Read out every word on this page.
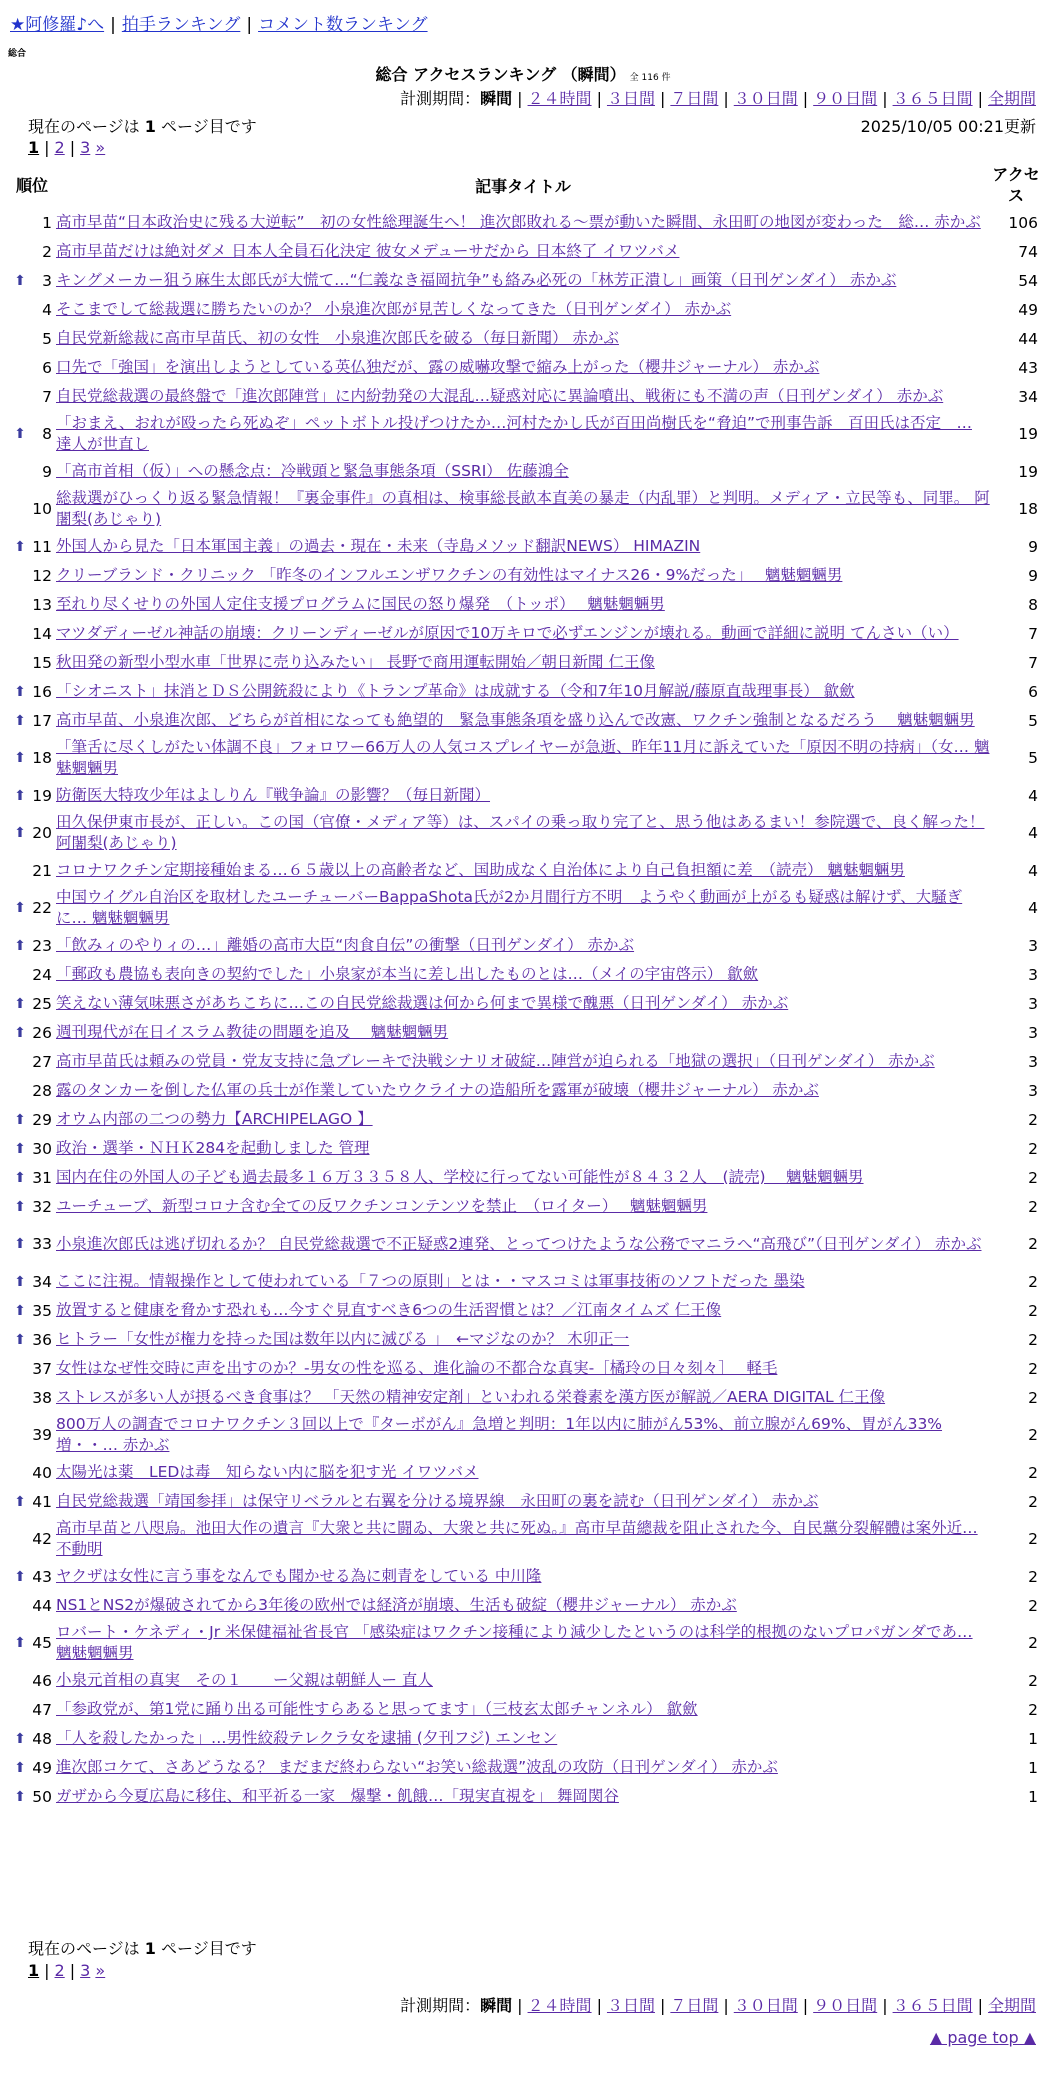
★阿修羅♪へ | 拍手ランキング | コメント数ランキング
総合
総合 アクセスランキング （瞬間） 全 116 件
計測期間：瞬間 | ２４時間 | ３日間 | ７日間 | ３０日間 | ９０日間 | ３６５日間 | 全期間
現在のページは 1 ページ目です	2025/10/05 00:21更新
1 | 2 | 3 »
順位		記事タイトル	アクセス
	1	高市早苗“日本政治史に残る大逆転”　初の女性総理誕生へ！ 進次郎敗れる〜票が動いた瞬間、永田町の地図が変わった　総… 赤かぶ	106
	2	高市早苗だけは絶対ダメ 日本人全員石化決定 彼女メデューサだから 日本終了 イワツバメ	74
⬆	3	キングメーカー狙う麻生太郎氏が大慌て…“仁義なき福岡抗争”も絡み必死の「林芳正潰し」画策（日刊ゲンダイ） 赤かぶ	54
	4	そこまでして総裁選に勝ちたいのか？ 小泉進次郎が見苦しくなってきた（日刊ゲンダイ） 赤かぶ	49
	5	自民党新総裁に高市早苗氏、初の女性　小泉進次郎氏を破る（毎日新聞） 赤かぶ	44
	6	口先で「強国」を演出しようとしている英仏独だが、露の威嚇攻撃で縮み上がった（櫻井ジャーナル） 赤かぶ	43
	7	自民党総裁選の最終盤で「進次郎陣営」に内紛勃発の大混乱…疑惑対応に異論噴出、戦術にも不満の声（日刊ゲンダイ） 赤かぶ	34
⬆	8	「おまえ、おれが殴ったら死ぬぞ」ペットボトル投げつけたか…河村たかし氏が百田尚樹氏を“脅迫”で刑事告訴　百田氏は否定　… 達人が世直し	19
	9	「高市首相（仮）」への懸念点：冷戦頭と緊急事態条項（SSRI） 佐藤鴻全	19
	10	総裁選がひっくり返る緊急情報！『裏金事件』の真相は、検事総長畝本直美の暴走（内乱罪）と判明。メディア・立民等も、同罪。 阿闍梨(あじゃり)	18
⬆	11	外国人から見た「日本軍国主義」の過去・現在・未来（寺島メソッド翻訳NEWS） HIMAZIN	9
	12	クリーブランド・クリニック 「昨冬のインフルエンザワクチンの有効性はマイナス26・9%だった」　 魑魅魍魎男	9
	13	至れり尽くせりの外国人定住支援プログラムに国民の怒り爆発　（トッポ）　 魑魅魍魎男	8
	14	マツダディーゼル神話の崩壊：クリーンディーゼルが原因で10万キロで必ずエンジンが壊れる。動画で詳細に説明 てんさい（い）	7
	15	秋田発の新型小型水車「世界に売り込みたい」 長野で商用運転開始／朝日新聞 仁王像	7
⬆	16	「シオニスト」抹消とＤＳ公開銃殺により《トランプ革命》は成就する（令和7年10月解説/藤原直哉理事長） 歙歛	6
⬆	17	高市早苗、小泉進次郎、どちらが首相になっても絶望的　緊急事態条項を盛り込んで改憲、ワクチン強制となるだろう　 魑魅魍魎男	5
⬆	18	「筆舌に尽くしがたい体調不良」フォロワー66万人の人気コスプレイヤーが急逝、昨年11月に訴えていた「原因不明の持病」（女… 魑魅魍魎男	5
⬆	19	防衛医大特攻少年はよしりん『戦争論』の影響？（毎日新聞）	4
⬆	20	田久保伊東市長が、正しい。この国（官僚・メディア等）は、スパイの乗っ取り完了と、思う他はあるまい！参院選で、良く解った！ 阿闍梨(あじゃり)	4
	21	コロナワクチン定期接種始まる…６５歳以上の高齢者など、国助成なく自治体により自己負担額に差　（読売） 魑魅魍魎男	4
⬆	22	中国ウイグル自治区を取材したユーチューバーBappaShota氏が2か月間行方不明　ようやく動画が上がるも疑惑は解けず、大騒ぎに… 魑魅魍魎男	4
⬆	23	「飲みィのやりィの…」離婚の高市大臣“肉食自伝”の衝撃（日刊ゲンダイ） 赤かぶ	3
	24	「郵政も農協も表向きの契約でした」小泉家が本当に差し出したものとは…（メイの宇宙啓示） 歙歛	3
⬆	25	笑えない薄気味悪さがあちこちに…この自民党総裁選は何から何まで異様で醜悪（日刊ゲンダイ） 赤かぶ	3
⬆	26	週刊現代が在日イスラム教徒の問題を追及　 魑魅魍魎男	3
	27	高市早苗氏は頼みの党員・党友支持に急ブレーキで決戦シナリオ破綻…陣営が迫られる「地獄の選択」（日刊ゲンダイ） 赤かぶ	3
	28	露のタンカーを倒した仏軍の兵士が作業していたウクライナの造船所を露軍が破壊（櫻井ジャーナル） 赤かぶ	3
⬆	29	オウム内部の二つの勢力【ARCHIPELAGO 】	2
⬆	30	政治・選挙・ＮＨＫ284を起動しました 管理	2
⬆	31	国内在住の外国人の子ども過去最多１６万３３５８人、学校に行ってない可能性が８４３２人　(読売)　 魑魅魍魎男	2
⬆	32	ユーチューブ、新型コロナ含む全ての反ワクチンコンテンツを禁止　（ロイター）　 魑魅魍魎男	2
⬆	33	小泉進次郎氏は逃げ切れるか？ 自民党総裁選で不正疑惑2連発、とってつけたような公務でマニラへ“高飛び”（日刊ゲンダイ） 赤かぶ	2
⬆	34	ここに注視。情報操作として使われている「７つの原則」とは・・マスコミは軍事技術のソフトだった 墨染	2
⬆	35	放置すると健康を脅かす恐れも…今すぐ見直すべき6つの生活習慣とは？／江南タイムズ 仁王像	2
⬆	36	ヒトラー「女性が権力を持った国は数年以内に滅びる 」　←マジなのか？ 木卯正一	2
	37	女性はなぜ性交時に声を出すのか？-男女の性を巡る、進化論の不都合な真実-［橘玲の日々刻々］　 軽毛	2
	38	ストレスが多い人が摂るべき食事は？ 「天然の精神安定剤」といわれる栄養素を漢方医が解説／AERA DIGITAL 仁王像	2
	39	800万人の調査でコロナワクチン３回以上で『ターボがん』急増と判明：1年以内に肺がん53%、前立腺がん69%、胃がん33%増・・… 赤かぶ	2
	40	太陽光は薬　LEDは毒　知らない内に脳を犯す光 イワツバメ	2
⬆	41	自民党総裁選「靖国参拝」は保守リベラルと右翼を分ける境界線　永田町の裏を読む（日刊ゲンダイ） 赤かぶ	2
	42	高市早苗と八咫烏。池田大作の遺言『大衆と共に闘ゐ、大衆と共に死ぬ。』高市早苗總裁を阻止された今、自民黨分裂解體は案外近… 不動明	2
⬆	43	ヤクザは女性に言う事をなんでも聞かせる為に刺青をしている 中川隆	2
	44	NS1とNS2が爆破されてから3年後の欧州では経済が崩壊、生活も破綻（櫻井ジャーナル） 赤かぶ	2
⬆	45	ロバート・ケネディ・Jr 米保健福祉省長官 「感染症はワクチン接種により減少したというのは科学的根拠のないプロパガンダであ… 魑魅魍魎男	2
	46	小泉元首相の真実　その１　　ー父親は朝鮮人ー 直人	2
	47	「参政党が、第1党に踊り出る可能性すらあると思ってます」（三枝玄太郎チャンネル） 歙歛	2
⬆	48	「人を殺したかった」…男性絞殺テレクラ女を逮捕 (夕刊フジ) エンセン	1
⬆	49	進次郎コケて、さあどうなる？ まだまだ終わらない“お笑い総裁選”波乱の攻防（日刊ゲンダイ） 赤かぶ	1
⬆	50	ガザから今夏広島に移住、和平祈る一家　爆撃・飢餓…「現実直視を」 舞岡関谷	1
現在のページは 1 ページ目です
1 | 2 | 3 »
計測期間：瞬間 | ２４時間 | ３日間 | ７日間 | ３０日間 | ９０日間 | ３６５日間 | 全期間
▲ page top ▲
